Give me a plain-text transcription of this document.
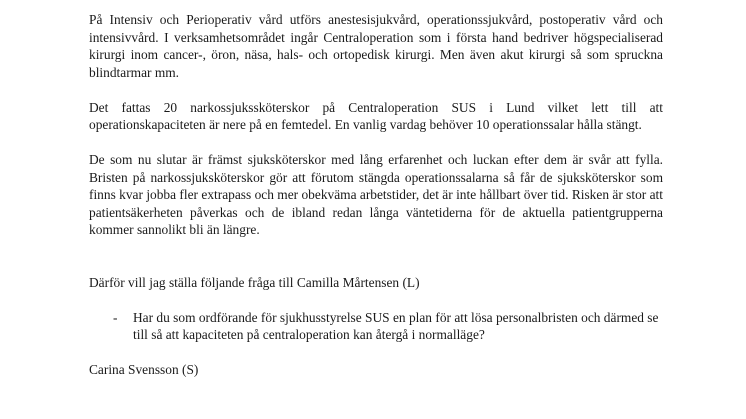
På Intensiv och Perioperativ vård utförs anestesisjukvård, operationssjukvård, postoperativ vård och intensivvård. I verksamhetsområdet ingår Centraloperation som i första hand bedriver högspecialiserad kirurgi inom cancer-, öron, näsa, hals- och ortopedisk kirurgi. Men även akut kirurgi så som spruckna blindtarmar mm.

Det fattas 20 narkossjukssköterskor på Centraloperation SUS i Lund vilket lett till att operationskapaciteten är nere på en femtedel. En vanlig vardag behöver 10 operationssalar hålla stängt.

De som nu slutar är främst sjuksköterskor med lång erfarenhet och luckan efter dem är svår att fylla. Bristen på narkossjuksköterskor gör att förutom stängda operationssalarna så får de sjuksköterskor som finns kvar jobba fler extrapass och mer obekväma arbetstider, det är inte hållbart över tid. Risken är stor att patientsäkerheten påverkas och de ibland redan långa väntetiderna för de aktuella patientgrupperna kommer sannolikt bli än längre.

Därför vill jag ställa följande fråga till Camilla Mårtensen (L)

- Har du som ordförande för sjukhusstyrelse SUS en plan för att lösa personalbristen och därmed se till så att kapaciteten på centraloperation kan återgå i normalläge?

Carina Svensson (S)
